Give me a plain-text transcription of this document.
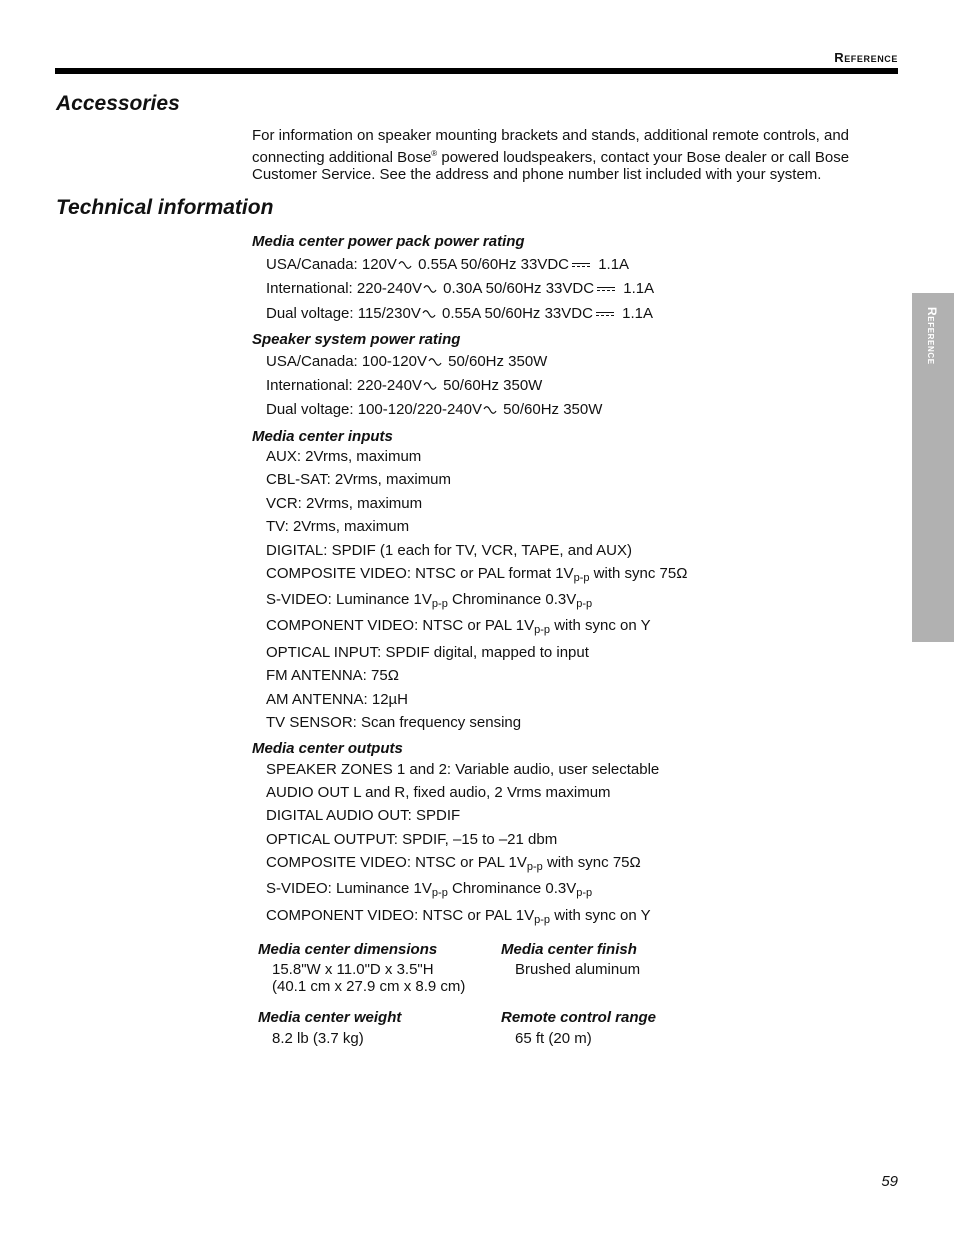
Reference
Accessories
For information on speaker mounting brackets and stands, additional remote controls, and connecting additional Bose® powered loudspeakers, contact your Bose dealer or call Bose Customer Service. See the address and phone number list included with your system.
Technical information
Media center power pack power rating
USA/Canada: 120V 0.55A 50/60Hz 33VDC 1.1A
International: 220-240V 0.30A 50/60Hz 33VDC 1.1A
Dual voltage: 115/230V 0.55A 50/60Hz 33VDC 1.1A
Speaker system power rating
USA/Canada: 100-120V 50/60Hz 350W
International: 220-240V 50/60Hz 350W
Dual voltage: 100-120/220-240V 50/60Hz 350W
Media center inputs
AUX: 2Vrms, maximum
CBL-SAT: 2Vrms, maximum
VCR: 2Vrms, maximum
TV: 2Vrms, maximum
DIGITAL: SPDIF (1 each for TV, VCR, TAPE, and AUX)
COMPOSITE VIDEO: NTSC or PAL format $1V_{p-p}$ with sync 75Ω
S-VIDEO: Luminance $1V_{p-p}$ Chrominance $0.3V_{p-p}$
COMPONENT VIDEO: NTSC or PAL $1V_{p-p}$ with sync on Y
OPTICAL INPUT: SPDIF digital, mapped to input
FM ANTENNA: 75Ω
AM ANTENNA: 12µH
TV SENSOR: Scan frequency sensing
Media center outputs
SPEAKER ZONES 1 and 2: Variable audio, user selectable
AUDIO OUT L and R, fixed audio, 2 Vrms maximum
DIGITAL AUDIO OUT: SPDIF
OPTICAL OUTPUT: SPDIF, –15 to –21 dbm
COMPOSITE VIDEO: NTSC or PAL $1V_{p-p}$ with sync 75Ω
S-VIDEO: Luminance $1V_{p-p}$ Chrominance $0.3V_{p-p}$
COMPONENT VIDEO: NTSC or PAL $1V_{p-p}$ with sync on Y
Media center dimensions
15.8"W x 11.0"D x 3.5"H
(40.1 cm x 27.9 cm x 8.9 cm)
Media center finish
Brushed aluminum
Media center weight
8.2 lb (3.7 kg)
Remote control range
65 ft (20 m)
Reference
59
